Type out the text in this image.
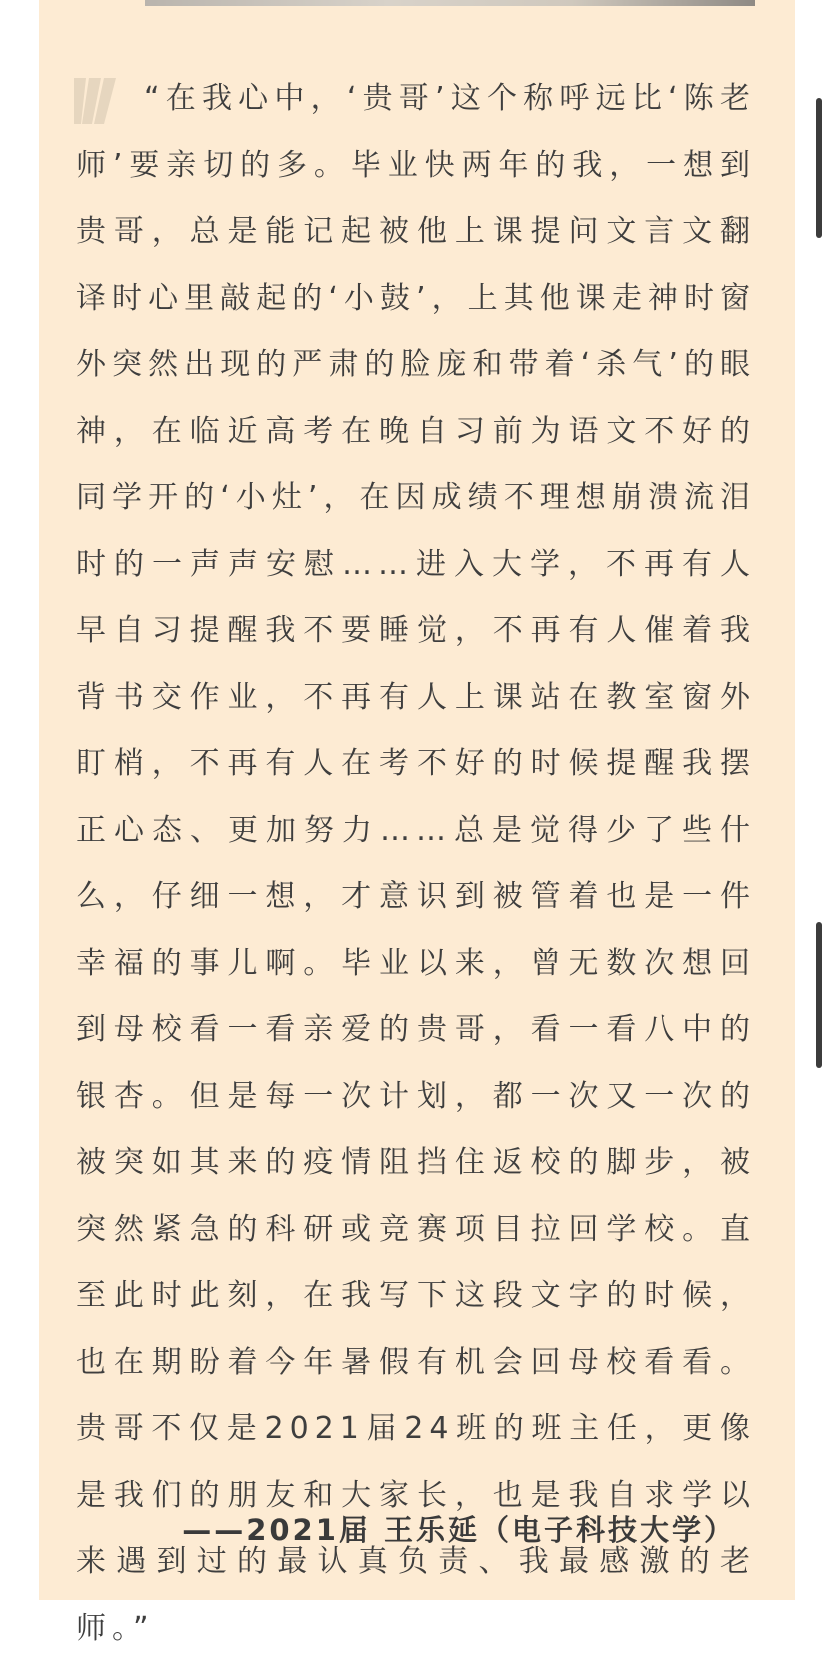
“在我心中，‘贵哥’这个称呼远比‘陈老师’要亲切的多。毕业快两年的我，一想到贵哥，总是能记起被他上课提问文言文翻译时心里敲起的‘小鼓’，上其他课走神时窗外突然出现的严肃的脸庞和带着‘杀气’的眼神，在临近高考在晚自习前为语文不好的同学开的‘小灶’，在因成绩不理想崩溃流泪时的一声声安慰……进入大学，不再有人早自习提醒我不要睡觉，不再有人催着我背书交作业，不再有人上课站在教室窗外盯梢，不再有人在考不好的时候提醒我摆正心态、更加努力……总是觉得少了些什么，仔细一想，才意识到被管着也是一件幸福的事儿啊。毕业以来，曾无数次想回到母校看一看亲爱的贵哥，看一看八中的银杏。但是每一次计划，都一次又一次的被突如其来的疫情阻挡住返校的脚步，被突然紧急的科研或竞赛项目拉回学校。直至此时此刻，在我写下这段文字的时候，也在期盼着今年暑假有机会回母校看看。贵哥不仅是2021届24班的班主任，更像是我们的朋友和大家长，也是我自求学以来遇到过的最认真负责、我最感激的老师。”

——2021届 王乐延（电子科技大学）
